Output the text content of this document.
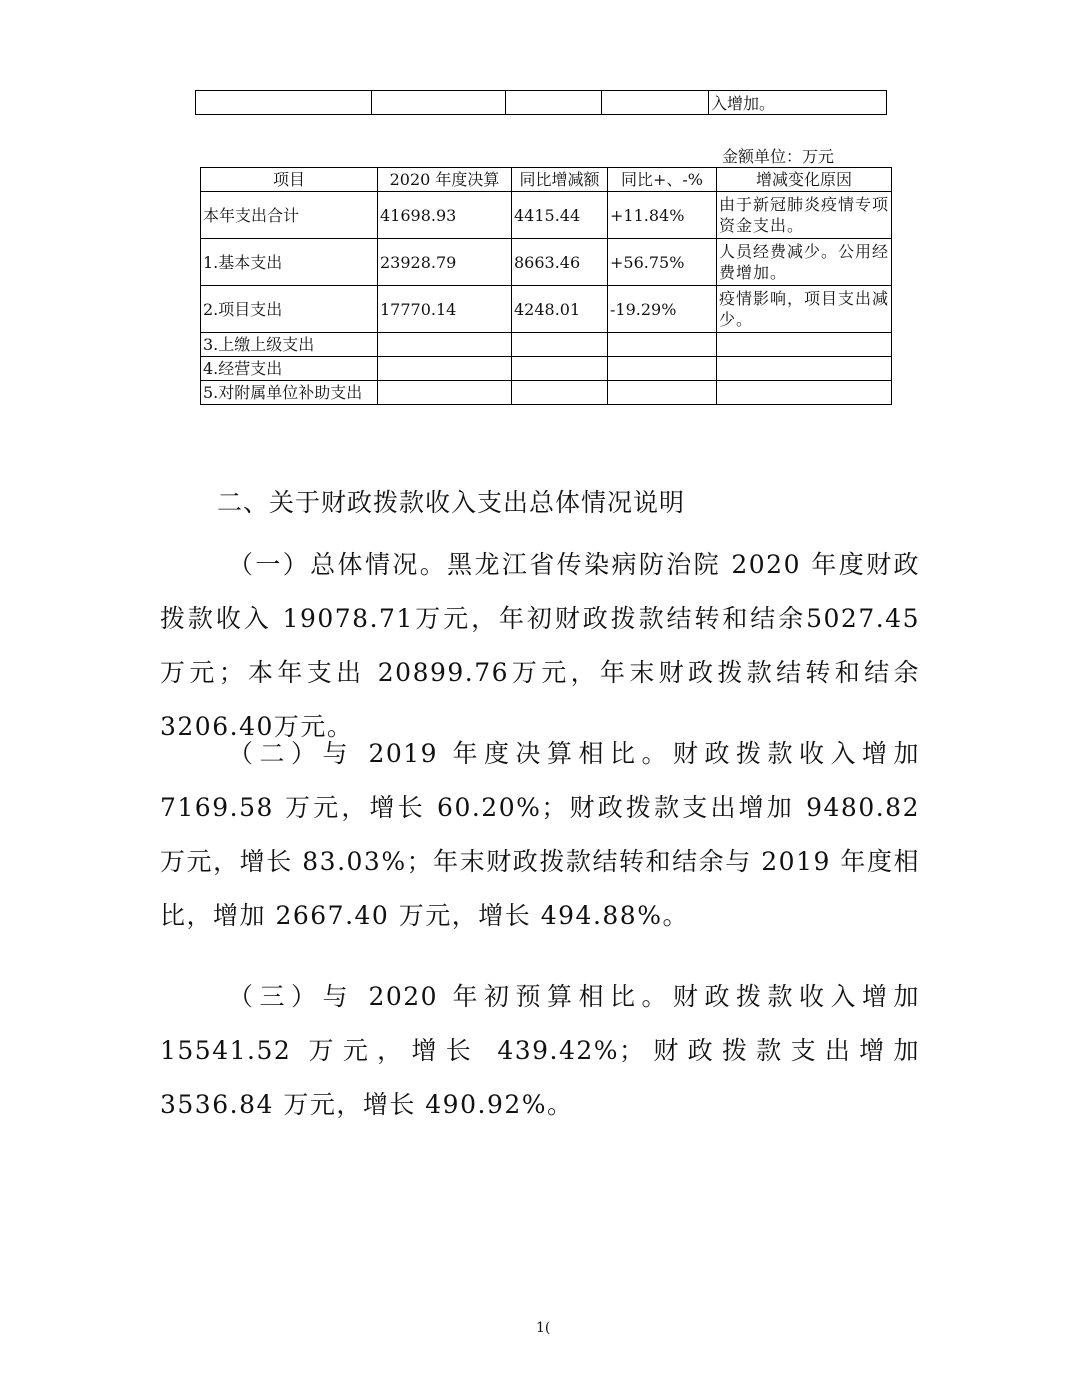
				入增加。
金额单位：万元
项目	2020 年度决算	同比增减额	同比+、-%	增减变化原因
本年支出合计	41698.93	4415.44	+11.84%	由于新冠肺炎疫情专项资金支出。
1.基本支出	23928.79	8663.46	+56.75%	人员经费减少。公用经费增加。
2.项目支出	17770.14	4248.01	-19.29%	疫情影响，项目支出减少。
3.上缴上级支出				
4.经营支出				
5.对附属单位补助支出				
二、关于财政拨款收入支出总体情况说明

（一）总体情况。黑龙江省传染病防治院 2020 年度财政拨款收入 19078.71万元，年初财政拨款结转和结余5027.45 万元；本年支出 20899.76万元，年末财政拨款结转和结余3206.40万元。

（二）与 2019 年度决算相比。财政拨款收入增加 7169.58 万元，增长 60.20%；财政拨款支出增加 9480.82 万元，增长 83.03%；年末财政拨款结转和结余与 2019 年度相比，增加 2667.40 万元，增长 494.88%。

（三）与 2020 年初预算相比。财政拨款收入增加 15541.52 万元，增长 439.42%；财政拨款支出增加 3536.84 万元，增长 490.92%。

1(
